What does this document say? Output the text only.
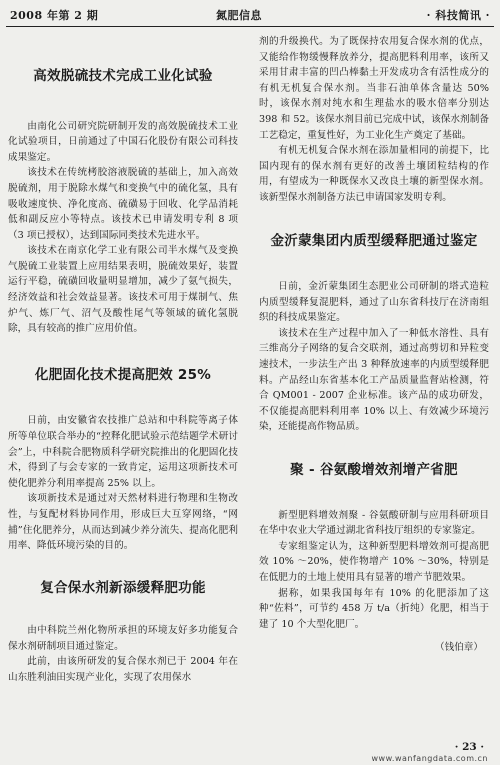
2008 年第 2 期	氮肥信息	· 科技简讯 ·
高效脱硫技术完成工业化试验

由南化公司研究院研制开发的高效脱硫技术工业化试验项目，日前通过了中国石化股份有限公司科技成果鉴定。

该技术在传统栲胶溶液脱硫的基础上，加入高效脱硫剂，用于脱除水煤气和变换气中的硫化氢，具有吸收速度快、净化度高、硫磺易于回收、化学品消耗低和副反应小等特点。该技术已申请发明专利 8 项（3 项已授权），达到国际同类技术先进水平。

该技术在南京化学工业有限公司半水煤气及变换气脱硫工业装置上应用结果表明，脱硫效果好，装置运行平稳，硫磺回收量明显增加，减少了氨气损失，经济效益和社会效益显著。该技术可用于煤制气、焦炉气、炼厂气、沼气及酸性尾气等领域的硫化氢脱除，具有较高的推广应用价值。

化肥固化技术提高肥效 25%

日前，由安徽省农技推广总站和中科院等离子体所等单位联合举办的“控释化肥试验示范结题学术研讨会”上，中科院合肥物质科学研究院推出的化肥固化技术，得到了与会专家的一致肯定，运用这项新技术可使化肥养分利用率提高 25% 以上。

该项新技术是通过对天然材料进行物理和生物改性，与复配材料协同作用，形成巨大互穿网络，“网捕”住化肥养分，从而达到减少养分流失、提高化肥利用率、降低环境污染的目的。

复合保水剂新添缓释肥功能

由中科院兰州化物所承担的环境友好多功能复合保水剂研制项目通过鉴定。

此前，由该所研发的复合保水剂已于 2004 年在山东胜利油田实现产业化，实现了农用保水

剂的升级换代。为了既保持农用复合保水剂的优点，又能给作物缓慢释放养分，提高肥料利用率，该所又采用甘肃丰富的凹凸棒黏土开发成功含有活性成分的有机无机复合保水剂。当非石油单体含量达 50% 时，该保水剂对纯水和生理盐水的吸水倍率分别达 398 和 52。该保水剂目前已完成中试，该保水剂制备工艺稳定，重复性好，为工业化生产奠定了基础。

有机无机复合保水剂在添加量相同的前提下，比国内现有的保水剂有更好的改善土壤团粒结构的作用，有望成为一种既保水又改良土壤的新型保水剂。该新型保水剂制备方法已申请国家发明专利。

金沂蒙集团内质型缓释肥通过鉴定

日前，金沂蒙集团生态肥业公司研制的塔式造粒内质型缓释复混肥料，通过了山东省科技厅在济南组织的科技成果鉴定。

该技术在生产过程中加入了一种低水溶性、具有三维高分子网络的复合交联剂，通过高剪切和异粒变速技术，一步法生产出 3 种释放速率的内质型缓释肥料。产品经山东省基本化工产品质量监督站检测，符合 QM001 - 2007 企业标准。该产品的成功研发，不仅能提高肥料利用率 10% 以上、有效减少环境污染，还能提高作物品质。

聚 - 谷氨酸增效剂增产省肥

新型肥料增效剂聚 - 谷氨酸研制与应用科研项目在华中农业大学通过湖北省科技厅组织的专家鉴定。

专家组鉴定认为，这种新型肥料增效剂可提高肥效 10% ～20%，使作物增产 10% ～30%，特别是在低肥力的土地上使用具有显著的增产节肥效果。

据称，如果我国每年有 10% 的化肥添加了这种“佐料”，可节约 458 万 t/a（折纯）化肥，相当于建了 10 个大型化肥厂。

（钱伯章）
· 23 ·
www.wanfangdata.com.cn
